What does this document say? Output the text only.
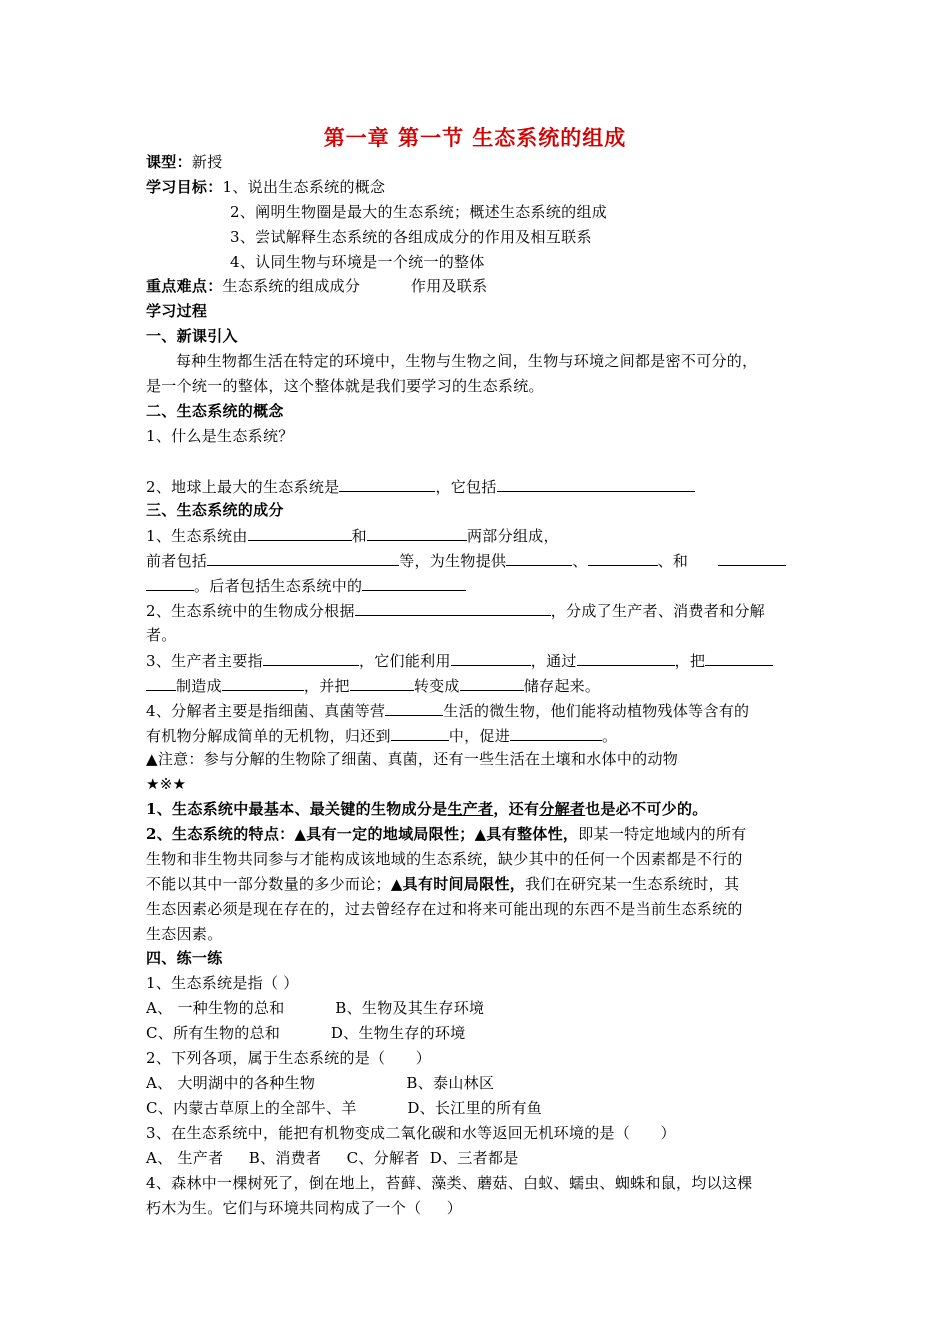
第一章 第一节 生态系统的组成
课型：新授
学习目标：1、说出生态系统的概念
2、阐明生物圈是最大的生态系统；概述生态系统的组成
3、尝试解释生态系统的各组成成分的作用及相互联系
4、认同生物与环境是一个统一的整体
重点难点：生态系统的组成成分          作用及联系
学习过程
一、新课引入
每种生物都生活在特定的环境中，生物与生物之间，生物与环境之间都是密不可分的，
是一个统一的整体，这个整体就是我们要学习的生态系统。
二、生态系统的概念
1、什么是生态系统？
2、地球上最大的生态系统是	，它包括
三、生态系统的成分
1、生态系统由	和	两部分组成，
前者包括	等，为生物提供	、	、和
。后者包括生态系统中的
2、生态系统中的生物成分根据	，分成了生产者、消费者和分解
者。
3、生产者主要指	，它们能利用	，通过	，把
制造成	，并把	转变成	储存起来。
4、分解者主要是指细菌、真菌等营	生活的微生物，他们能将动植物残体等含有的
有机物分解成简单的无机物，归还到	中，促进	。
▲注意：参与分解的生物除了细菌、真菌，还有一些生活在土壤和水体中的动物
★※★
1、生态系统中最基本、最关键的生物成分是生产者，还有分解者也是必不可少的。
2、生态系统的特点：▲具有一定的地域局限性；▲具有整体性，即某一特定地域内的所有
生物和非生物共同参与才能构成该地域的生态系统，缺少其中的任何一个因素都是不行的
不能以其中一部分数量的多少而论；▲具有时间局限性，我们在研究某一生态系统时，其
生态因素必须是现在存在的，过去曾经存在过和将来可能出现的东西不是当前生态系统的
生态因素。
四、练一练
1、生态系统是指（ ）
A、 一种生物的总和          B、生物及其生存环境
C、所有生物的总和          D、生物生存的环境
2、下列各项，属于生态系统的是（      ）
A、 大明湖中的各种生物                  B、泰山林区
C、内蒙古草原上的全部牛、羊          D、长江里的所有鱼
3、在生态系统中，能把有机物变成二氧化碳和水等返回无机环境的是（      ）
A、 生产者     B、消费者     C、分解者  D、三者都是
4、森林中一棵树死了，倒在地上，苔藓、藻类、蘑菇、白蚁、蠕虫、蜘蛛和鼠，均以这棵
朽木为生。它们与环境共同构成了一个（     ）
